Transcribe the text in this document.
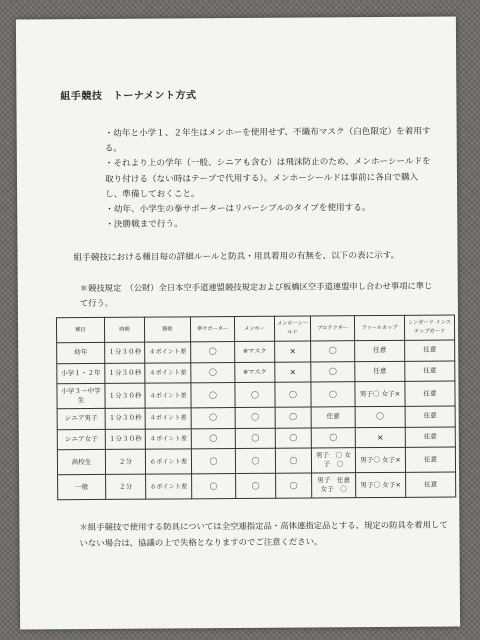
組手競技　トーナメント方式

・幼年と小学１、２年生はメンホーを使用せず、不織布マスク（白色限定）を着用する。

・それより上の学年（一般、シニアも含む）は飛沫防止のため、メンホーシールドを取り付ける（ない時はテープで代用する）。メンホーシールドは事前に各自で購入し、準備しておくこと。

・幼年、小学生の拳サポーターはリバーシブルのタイプを使用する。

・決勝戦まで行う。

組手競技における種目毎の詳細ルールと防具・用具着用の有無を、以下の表に示す。
＊競技規定　（公財）全日本空手道連盟競技規定および板橋区空手道連盟申し合わせ事項に準じて行う。
種目	時間	勝敗	拳サポーター	メンホー	メンホーシールド	プロテクター	ファールカップ	シンガード インステップガード
幼年	１分３０秒	４ポイント差	〇	※マスク	×	〇	任意	任意
小学１・２年	１分３０秒	４ポイント差	〇	※マスク	×	〇	任意	任意
小学３〜中学生	１分３０秒	４ポイント差	〇	〇	〇	〇	男子〇 女子×	任意
シニア男子	１分３０秒	４ポイント差	〇	〇	〇	任意	〇	任意
シニア女子	１分３０秒	４ポイント差	〇	〇	〇	〇	×	任意
高校生	２分	６ポイント差	〇	〇	〇	男子　〇 女子　〇	男子〇 女子×	任意
一般	２分	６ポイント差	〇	〇	〇	男子　任意 女子　〇	男子〇 女子×	任意
＊組手競技で使用する防具については全空連指定品・高体連指定品とする、規定の防具を着用していない場合は、協議の上で失格となりますのでご注意ください。
